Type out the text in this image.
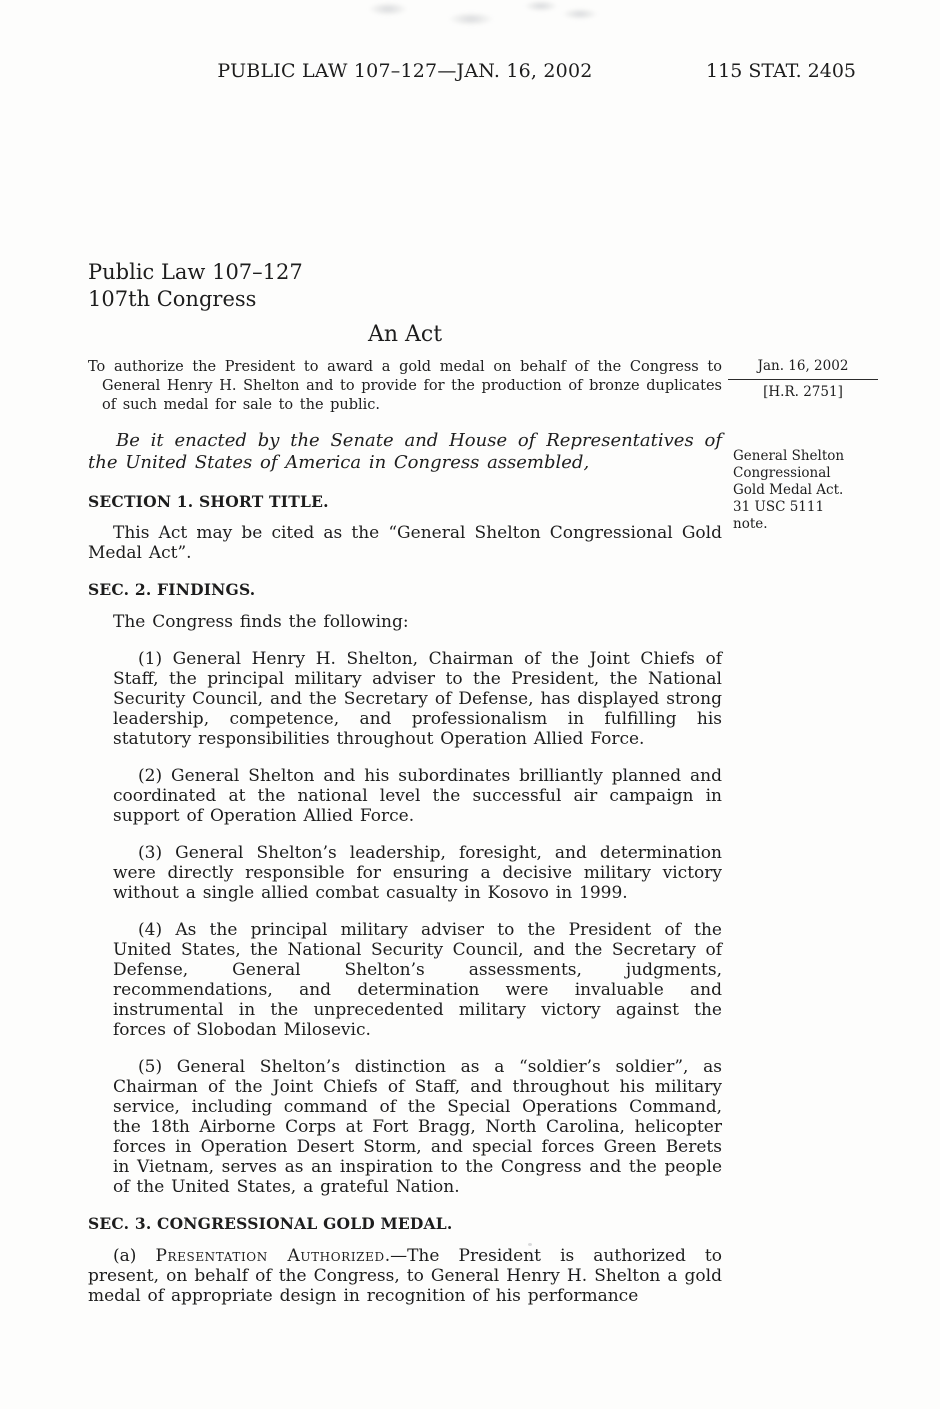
PUBLIC LAW 107–127—JAN. 16, 2002	115 STAT. 2405
Jan. 16, 2002
[H.R. 2751]
General Shelton Congressional Gold Medal Act. 31 USC 5111 note.
Public Law 107–127
107th Congress
An Act

To authorize the President to award a gold medal on behalf of the Congress to General Henry H. Shelton and to provide for the production of bronze duplicates of such medal for sale to the public.

Be it enacted by the Senate and House of Representatives of the United States of America in Congress assembled,

SECTION 1. SHORT TITLE.

This Act may be cited as the “General Shelton Congressional Gold Medal Act”.

SEC. 2. FINDINGS.

The Congress finds the following:

(1) General Henry H. Shelton, Chairman of the Joint Chiefs of Staff, the principal military adviser to the President, the National Security Council, and the Secretary of Defense, has displayed strong leadership, competence, and professionalism in fulfilling his statutory responsibilities throughout Operation Allied Force.

(2) General Shelton and his subordinates brilliantly planned and coordinated at the national level the successful air campaign in support of Operation Allied Force.

(3) General Shelton’s leadership, foresight, and determination were directly responsible for ensuring a decisive military victory without a single allied combat casualty in Kosovo in 1999.

(4) As the principal military adviser to the President of the United States, the National Security Council, and the Secretary of Defense, General Shelton’s assessments, judgments, recommendations, and determination were invaluable and instrumental in the unprecedented military victory against the forces of Slobodan Milosevic.

(5) General Shelton’s distinction as a “soldier’s soldier”, as Chairman of the Joint Chiefs of Staff, and throughout his military service, including command of the Special Operations Command, the 18th Airborne Corps at Fort Bragg, North Carolina, helicopter forces in Operation Desert Storm, and special forces Green Berets in Vietnam, serves as an inspiration to the Congress and the people of the United States, a grateful Nation.

SEC. 3. CONGRESSIONAL GOLD MEDAL.

(a) Presentation Authorized.—The President is authorized to present, on behalf of the Congress, to General Henry H. Shelton a gold medal of appropriate design in recognition of his performance
